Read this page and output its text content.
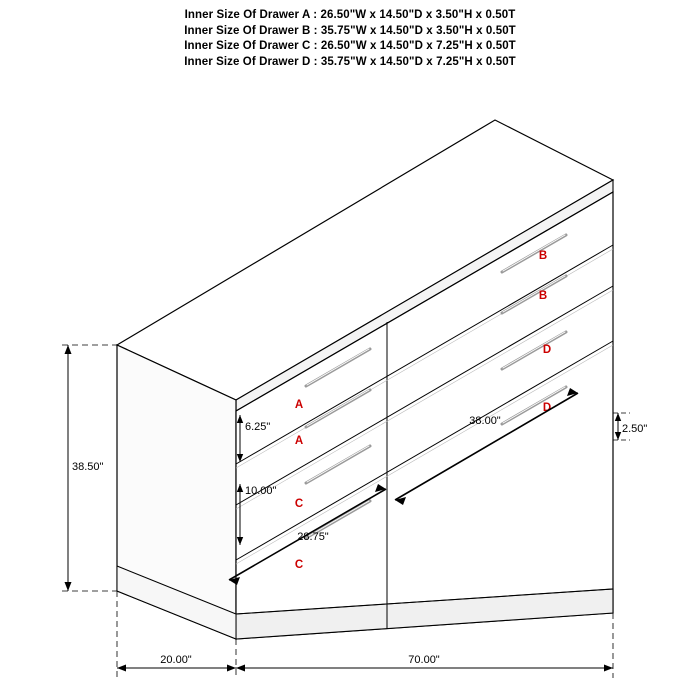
Inner Size Of Drawer A : 26.50"W x 14.50"D x 3.50"H x 0.50T
Inner Size Of Drawer B : 35.75"W x 14.50"D x 3.50"H x 0.50T
Inner Size Of Drawer C : 26.50"W x 14.50"D x 7.25"H x 0.50T
Inner Size Of Drawer D : 35.75"W x 14.50"D x 7.25"H x 0.50T
B
B
D
D
A
A
C
C
38.50"
20.00"	70.00"
6.25"
10.00"
38.00"
28.75"
2.50"
